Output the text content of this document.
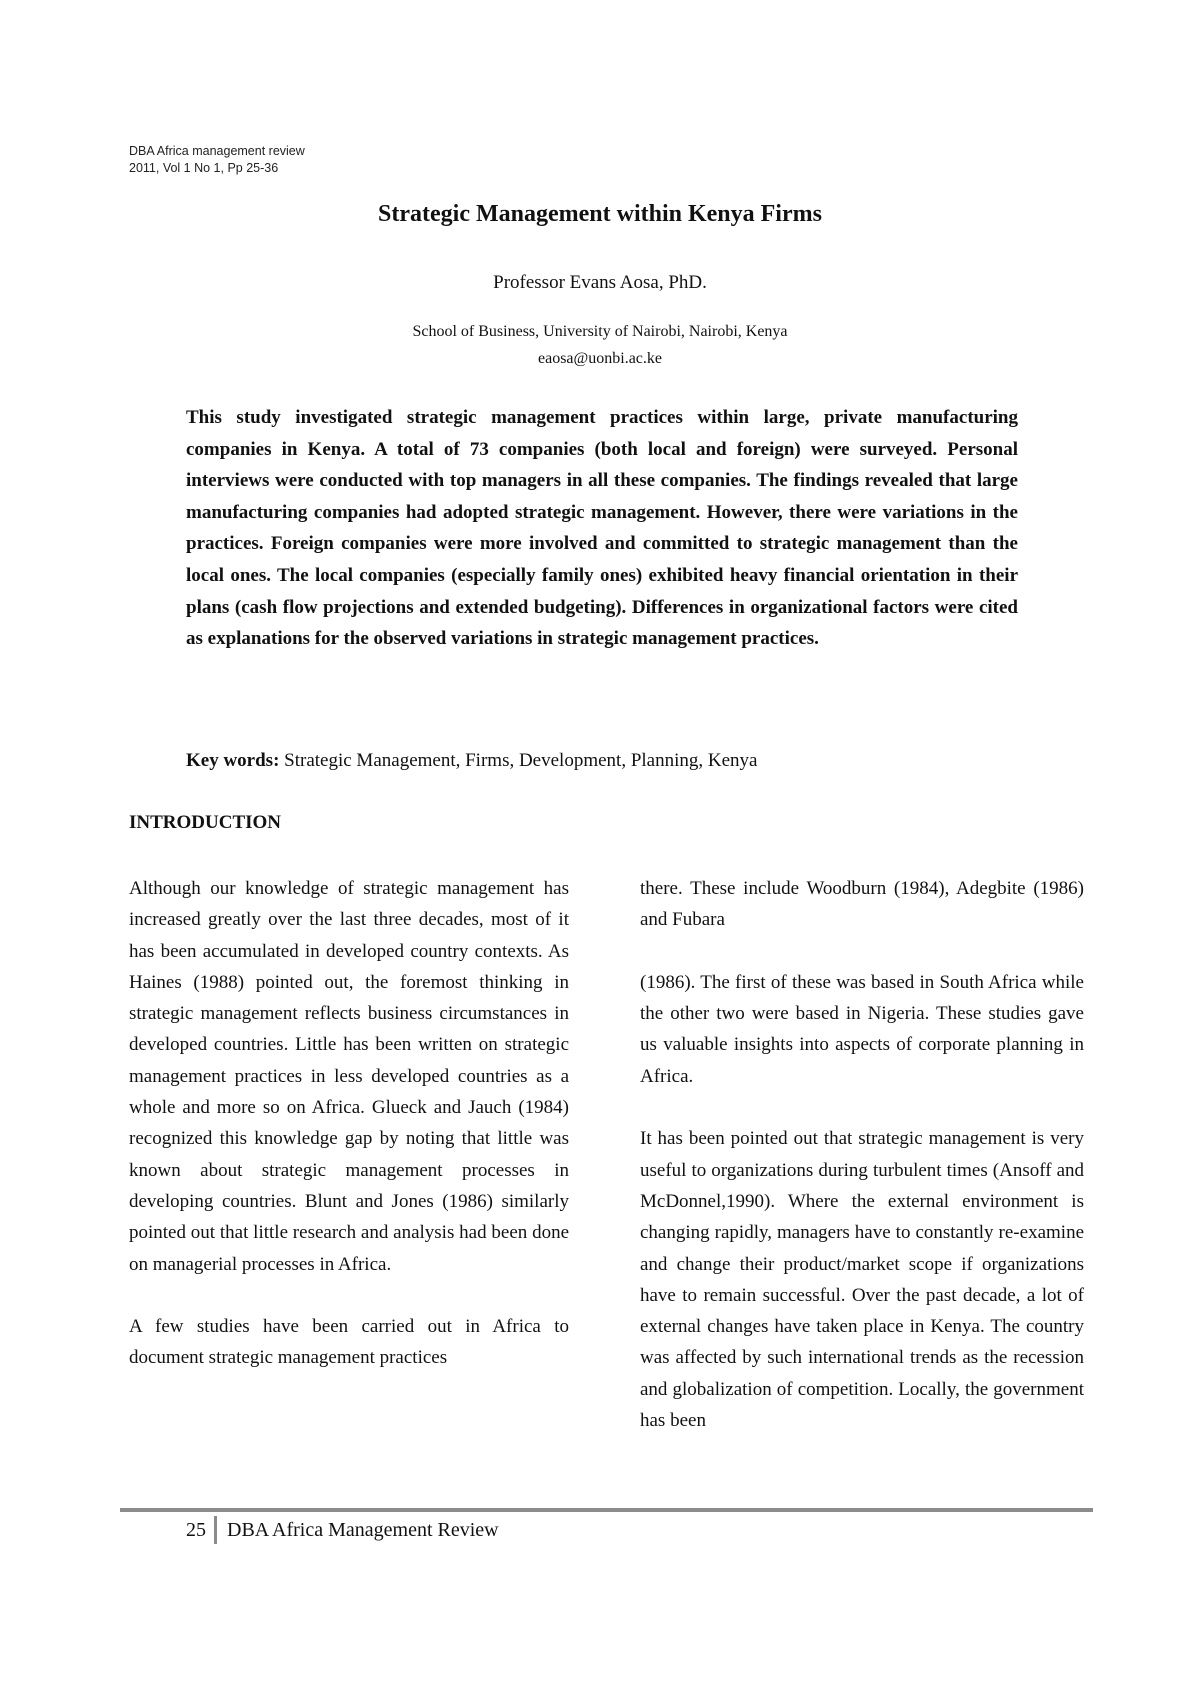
DBA Africa management review
2011, Vol 1 No 1, Pp 25-36
Strategic Management within Kenya Firms
Professor Evans Aosa, PhD.
School of Business, University of Nairobi, Nairobi, Kenya
eaosa@uonbi.ac.ke

This study investigated strategic management practices within large, private manufacturing companies in Kenya. A total of 73 companies (both local and foreign) were surveyed. Personal interviews were conducted with top managers in all these companies. The findings revealed that large manufacturing companies had adopted strategic management. However, there were variations in the practices. Foreign companies were more involved and committed to strategic management than the local ones. The local companies (especially family ones) exhibited heavy financial orientation in their plans (cash flow projections and extended budgeting). Differences in organizational factors were cited as explanations for the observed variations in strategic management practices.

Key words: Strategic Management, Firms, Development, Planning, Kenya
INTRODUCTION

Although our knowledge of strategic management has increased greatly over the last three decades, most of it has been accumulated in developed country contexts. As Haines (1988) pointed out, the foremost thinking in strategic management reflects business circumstances in developed countries. Little has been written on strategic management practices in less developed countries as a whole and more so on Africa. Glueck and Jauch (1984) recognized this knowledge gap by noting that little was known about strategic management processes in developing countries. Blunt and Jones (1986) similarly pointed out that little research and analysis had been done on managerial processes in Africa.

A few studies have been carried out in Africa to document strategic management practices

there. These include Woodburn (1984), Adegbite (1986) and Fubara

(1986). The first of these was based in South Africa while the other two were based in Nigeria. These studies gave us valuable insights into aspects of corporate planning in Africa.

It has been pointed out that strategic management is very useful to organizations during turbulent times (Ansoff and McDonnel,1990). Where the external environment is changing rapidly, managers have to constantly re-examine and change their product/market scope if organizations have to remain successful. Over the past decade, a lot of external changes have taken place in Kenya. The country was affected by such international trends as the recession and globalization of competition. Locally, the government has been

25	DBA Africa Management Review
